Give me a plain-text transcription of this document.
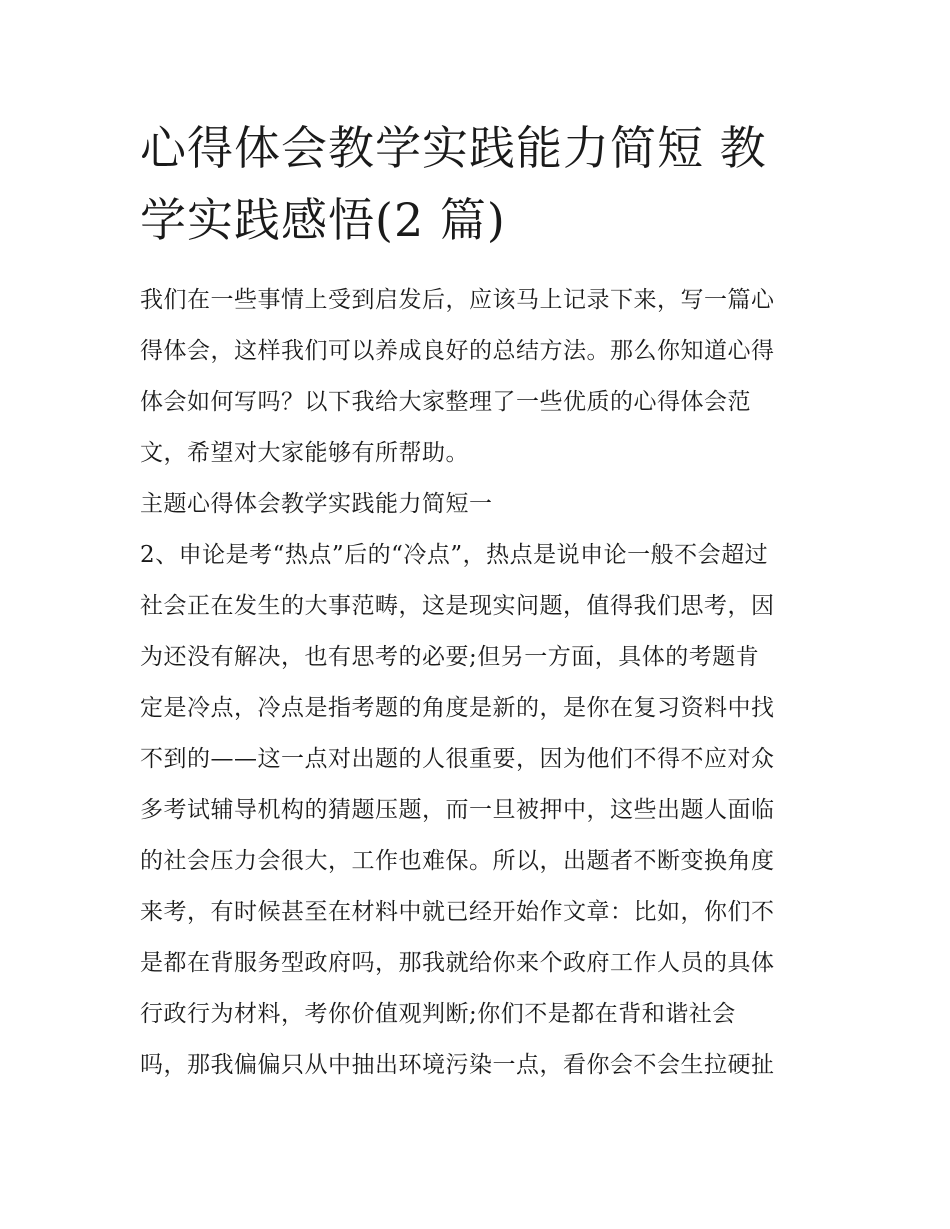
心得体会教学实践能力简短 教
学实践感悟(2 篇)
我们在一些事情上受到启发后，应该马上记录下来，写一篇心
得体会，这样我们可以养成良好的总结方法。那么你知道心得
体会如何写吗？以下我给大家整理了一些优质的心得体会范
文，希望对大家能够有所帮助。
主题心得体会教学实践能力简短一
2、申论是考“热点”后的“冷点”，热点是说申论一般不会超过
社会正在发生的大事范畴，这是现实问题，值得我们思考，因
为还没有解决，也有思考的必要;但另一方面，具体的考题肯
定是冷点，冷点是指考题的角度是新的，是你在复习资料中找
不到的——这一点对出题的人很重要，因为他们不得不应对众
多考试辅导机构的猜题压题，而一旦被押中，这些出题人面临
的社会压力会很大，工作也难保。所以，出题者不断变换角度
来考，有时候甚至在材料中就已经开始作文章：比如，你们不
是都在背服务型政府吗，那我就给你来个政府工作人员的具体
行政行为材料，考你价值观判断;你们不是都在背和谐社会
吗，那我偏偏只从中抽出环境污染一点，看你会不会生拉硬扯
